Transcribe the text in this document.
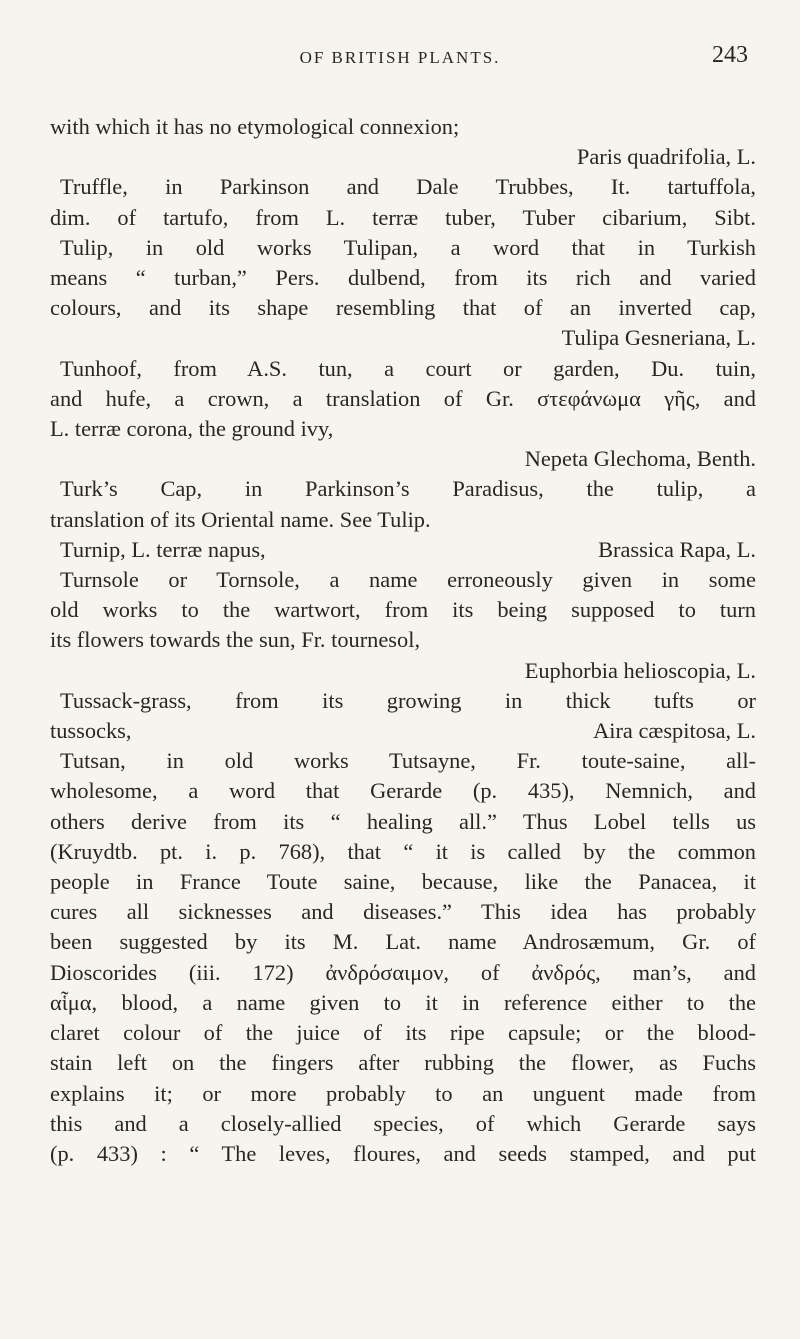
OF BRITISH PLANTS.	243
with which it has no etymological connexion;
Paris quadrifolia, L.
Truffle, in Parkinson and Dale Trubbes, It. tartuffola,
dim. of tartufo, from L. terræ tuber, Tuber cibarium, Sibt.
Tulip, in old works Tulipan, a word that in Turkish
means “ turban,” Pers. dulbend, from its rich and varied
colours, and its shape resembling that of an inverted cap,
Tulipa Gesneriana, L.
Tunhoof, from A.S. tun, a court or garden, Du. tuin,
and hufe, a crown, a translation of Gr. στεφάνωμα γῆς, and
L. terræ corona, the ground ivy,
Nepeta Glechoma, Benth.
Turk’s Cap, in Parkinson’s Paradisus, the tulip, a
translation of its Oriental name. See Tulip.
Turnip, L. terræ napus,	Brassica Rapa, L.
Turnsole or Tornsole, a name erroneously given in some
old works to the wartwort, from its being supposed to turn
its flowers towards the sun, Fr. tournesol,
Euphorbia helioscopia, L.
Tussack-grass, from its growing in thick tufts or
tussocks,	Aira cæspitosa, L.
Tutsan, in old works Tutsayne, Fr. toute-saine, all-
wholesome, a word that Gerarde (p. 435), Nemnich, and
others derive from its “ healing all.” Thus Lobel tells us
(Kruydtb. pt. i. p. 768), that “ it is called by the common
people in France Toute saine, because, like the Panacea, it
cures all sicknesses and diseases.” This idea has probably
been suggested by its M. Lat. name Androsæmum, Gr. of
Dioscorides (iii. 172) ἀνδρόσαιμον, of ἀνδρός, man’s, and
αἷμα, blood, a name given to it in reference either to the
claret colour of the juice of its ripe capsule; or the blood-
stain left on the fingers after rubbing the flower, as Fuchs
explains it; or more probably to an unguent made from
this and a closely-allied species, of which Gerarde says
(p. 433) : “ The leves, floures, and seeds stamped, and put
